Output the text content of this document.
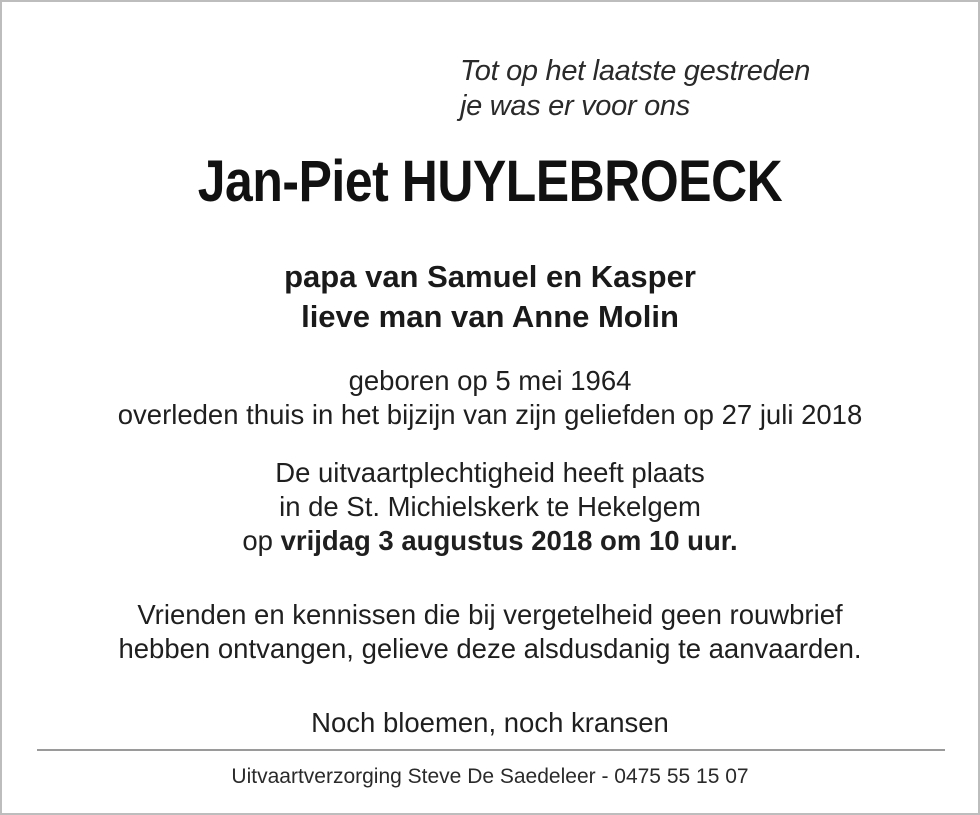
Tot op het laatste gestreden
je was er voor ons
Jan-Piet HUYLEBROECK
papa van Samuel en Kasper
lieve man van Anne Molin
geboren op 5 mei 1964
overleden thuis in het bijzijn van zijn geliefden op 27 juli 2018
De uitvaartplechtigheid heeft plaats
in de St. Michielskerk te Hekelgem
op vrijdag 3 augustus 2018 om 10 uur.
Vrienden en kennissen die bij vergetelheid geen rouwbrief
hebben ontvangen, gelieve deze alsdusdanig te aanvaarden.
Noch bloemen, noch kransen
Uitvaartverzorging Steve De Saedeleer - 0475 55 15 07
